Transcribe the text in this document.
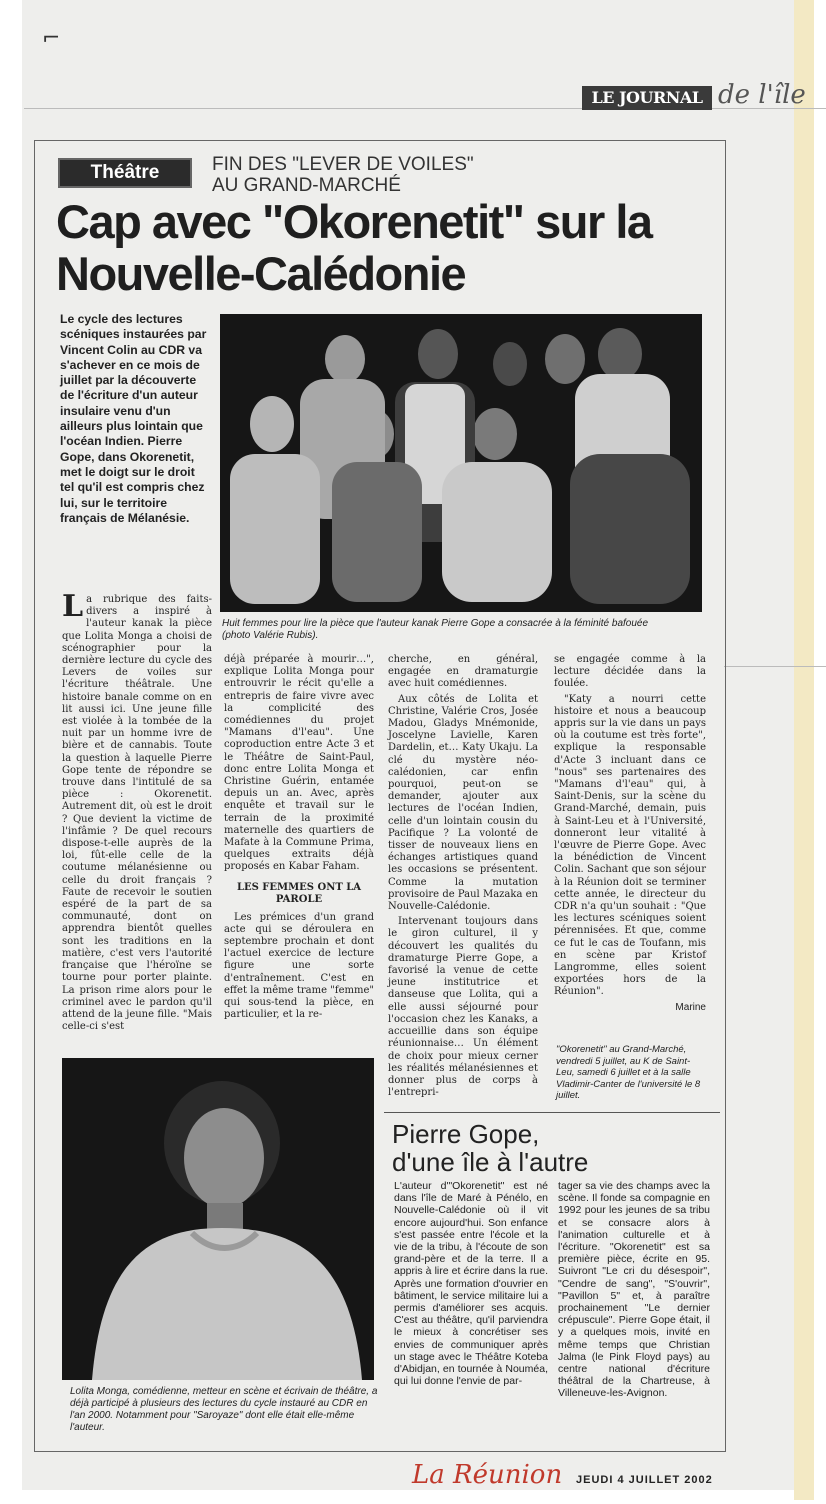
⌐
LE JOURNAL de l'île
Théâtre	FIN DES "LEVER DE VOILES"
AU GRAND-MARCHÉ
Cap avec "Okorenetit" sur la Nouvelle-Calédonie
Le cycle des lectures scéniques instaurées par Vincent Colin au CDR va s'achever en ce mois de juillet par la découverte de l'écriture d'un auteur insulaire venu d'un ailleurs plus lointain que l'océan Indien. Pierre Gope, dans Okorenetit, met le doigt sur le droit tel qu'il est compris chez lui, sur le territoire français de Mélanésie.
Huit femmes pour lire la pièce que l'auteur kanak Pierre Gope a consacrée à la féminité bafouée (photo Valérie Rubis).

La rubrique des faits-divers a inspiré à l'auteur kanak la pièce que Lolita Monga a choisi de scénographier pour la dernière lecture du cycle des Levers de voiles sur l'écriture théâtrale. Une histoire banale comme on en lit aussi ici. Une jeune fille est violée à la tombée de la nuit par un homme ivre de bière et de cannabis. Toute la question à laquelle Pierre Gope tente de répondre se trouve dans l'intitulé de sa pièce : Okorenetit. Autrement dit, où est le droit ? Que devient la victime de l'infâmie ? De quel recours dispose-t-elle auprès de la loi, fût-elle celle de la coutume mélanésienne ou celle du droit français ? Faute de recevoir le soutien espéré de la part de sa communauté, dont on apprendra bientôt quelles sont les traditions en la matière, c'est vers l'autorité française que l'héroïne se tourne pour porter plainte. La prison rime alors pour le criminel avec le pardon qu'il attend de la jeune fille. "Mais celle-ci s'est

déjà préparée à mourir…", explique Lolita Monga pour entrouvrir le récit qu'elle a entrepris de faire vivre avec la complicité des comédiennes du projet "Mamans d'l'eau". Une coproduction entre Acte 3 et le Théâtre de Saint-Paul, donc entre Lolita Monga et Christine Guérin, entamée depuis un an. Avec, après enquête et travail sur le terrain de la proximité maternelle des quartiers de Mafate à la Commune Prima, quelques extraits déjà proposés en Kabar Faham.

LES FEMMES ONT LA PAROLE

Les prémices d'un grand acte qui se déroulera en septembre prochain et dont l'actuel exercice de lecture figure une sorte d'entraînement. C'est en effet la même trame "femme" qui sous-tend la pièce, en particulier, et la re-

cherche, en général, engagée en dramaturgie avec huit comédiennes.

Aux côtés de Lolita et Christine, Valérie Cros, Josée Madou, Gladys Mnémonide, Joscelyne Lavielle, Karen Dardelin, et… Katy Ukaju. La clé du mystère néo-calédonien, car enfin pourquoi, peut-on se demander, ajouter aux lectures de l'océan Indien, celle d'un lointain cousin du Pacifique ? La volonté de tisser de nouveaux liens en échanges artistiques quand les occasions se présentent. Comme la mutation provisoire de Paul Mazaka en Nouvelle-Calédonie.

Intervenant toujours dans le giron culturel, il y découvert les qualités du dramaturge Pierre Gope, a favorisé la venue de cette jeune institutrice et danseuse que Lolita, qui a elle aussi séjourné pour l'occasion chez les Kanaks, a accueillie dans son équipe réunionnaise… Un élément de choix pour mieux cerner les réalités mélanésiennes et donner plus de corps à l'entrepri-

se engagée comme à la lecture décidée dans la foulée.

"Katy a nourri cette histoire et nous a beaucoup appris sur la vie dans un pays où la coutume est très forte", explique la responsable d'Acte 3 incluant dans ce "nous" ses partenaires des "Mamans d'l'eau" qui, à Saint-Denis, sur la scène du Grand-Marché, demain, puis à Saint-Leu et à l'Université, donneront leur vitalité à l'œuvre de Pierre Gope. Avec la bénédiction de Vincent Colin. Sachant que son séjour à la Réunion doit se terminer cette année, le directeur du CDR n'a qu'un souhait : "Que les lectures scéniques soient pérennisées. Et que, comme ce fut le cas de Toufann, mis en scène par Kristof Langromme, elles soient exportées hors de la Réunion".

Marine
"Okorenetit" au Grand-Marché, vendredi 5 juillet, au K de Saint-Leu, samedi 6 juillet et à la salle Vladimir-Canter de l'université le 8 juillet.
Lolita Monga, comédienne, metteur en scène et écrivain de théâtre, a déjà participé à plusieurs des lectures du cycle instauré au CDR en l'an 2000. Notamment pour "Saroyaze" dont elle était elle-même l'auteur.
Pierre Gope,
d'une île à l'autre
L'auteur d'"Okorenetit" est né dans l'île de Maré à Pénélo, en Nouvelle-Calédonie où il vit encore aujourd'hui. Son enfance s'est passée entre l'école et la vie de la tribu, à l'écoute de son grand-père et de la terre. Il a appris à lire et écrire dans la rue. Après une formation d'ouvrier en bâtiment, le service militaire lui a permis d'améliorer ses acquis. C'est au théâtre, qu'il parviendra le mieux à concrétiser ses envies de communiquer après un stage avec le Théâtre Koteba d'Abidjan, en tournée à Nouméa, qui lui donne l'envie de par-
tager sa vie des champs avec la scène. Il fonde sa compagnie en 1992 pour les jeunes de sa tribu et se consacre alors à l'animation culturelle et à l'écriture. "Okorenetit" est sa première pièce, écrite en 95. Suivront "Le cri du désespoir", "Cendre de sang", "S'ouvrir", "Pavillon 5" et, à paraître prochainement "Le dernier crépuscule". Pierre Gope était, il y a quelques mois, invité en même temps que Christian Jalma (le Pink Floyd pays) au centre national d'écriture théâtral de la Chartreuse, à Villeneuve-les-Avignon.
La Réunion JEUDI 4 JUILLET 2002
